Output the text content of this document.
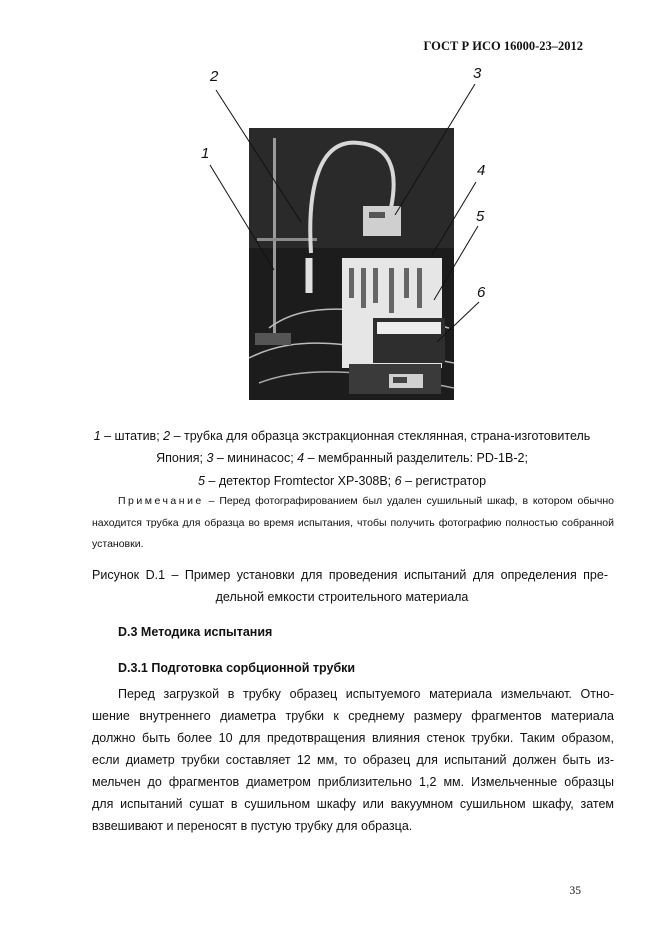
ГОСТ Р ИСО 16000-23–2012
1
2	3
4
5
6
1 – штатив; 2 – трубка для образца экстракционная стеклянная, страна-изготовитель
Япония; 3 – мининасос; 4 – мембранный разделитель: PD-1B-2;
5 – детектор Fromtector XP-308B; 6 – регистратор
Примечание – Перед фотографированием был удален сушильный шкаф, в котором обычно находится трубка для образца во время испытания, чтобы получить фотографию полностью собранной установки.
Рисунок D.1 – Пример установки для проведения испытаний для определения пре-
дельной емкости строительного материала
D.3 Методика испытания
D.3.1 Подготовка сорбционной трубки
Перед загрузкой в трубку образец испытуемого материала измельчают. Отно-
шение внутреннего диаметра трубки к среднему размеру фрагментов материала
должно быть более 10 для предотвращения влияния стенок трубки. Таким образом,
если диаметр трубки составляет 12 мм, то образец для испытаний должен быть из-
мельчен до фрагментов диаметром приблизительно 1,2 мм. Измельченные образцы
для испытаний сушат в сушильном шкафу или вакуумном сушильном шкафу, затем
взвешивают и переносят в пустую трубку для образца.
35
